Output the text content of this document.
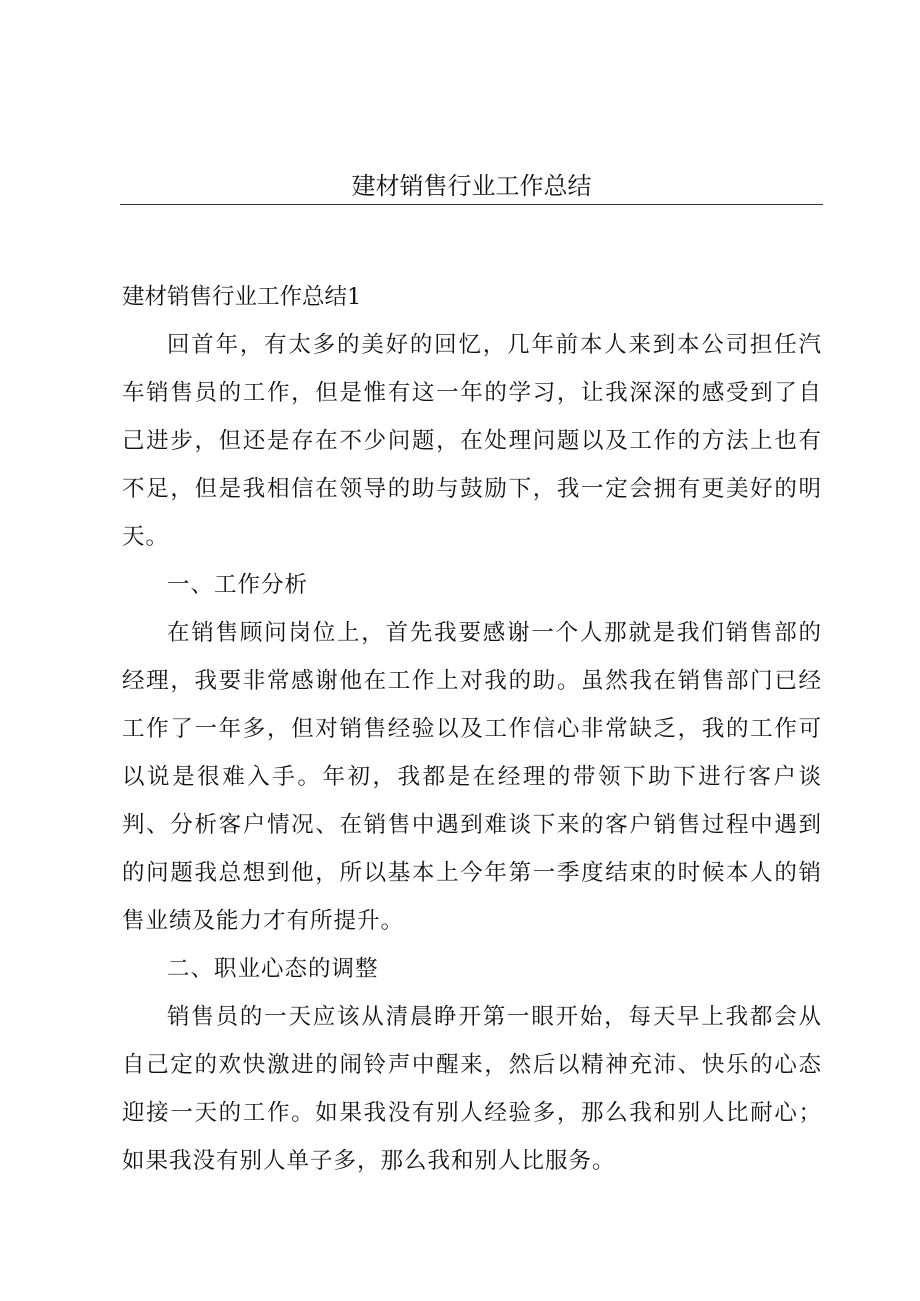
建材销售行业工作总结

建材销售行业工作总结1

回首年，有太多的美好的回忆，几年前本人来到本公司担任汽车销售员的工作，但是惟有这一年的学习，让我深深的感受到了自己进步，但还是存在不少问题，在处理问题以及工作的方法上也有不足，但是我相信在领导的助与鼓励下，我一定会拥有更美好的明天。

一、工作分析

在销售顾问岗位上，首先我要感谢一个人那就是我们销售部的经理，我要非常感谢他在工作上对我的助。虽然我在销售部门已经工作了一年多，但对销售经验以及工作信心非常缺乏，我的工作可以说是很难入手。年初，我都是在经理的带领下助下进行客户谈判、分析客户情况、在销售中遇到难谈下来的客户销售过程中遇到的问题我总想到他，所以基本上今年第一季度结束的时候本人的销售业绩及能力才有所提升。

二、职业心态的调整

销售员的一天应该从清晨睁开第一眼开始，每天早上我都会从自己定的欢快激进的闹铃声中醒来，然后以精神充沛、快乐的心态迎接一天的工作。如果我没有别人经验多，那么我和别人比耐心；如果我没有别人单子多，那么我和别人比服务。
